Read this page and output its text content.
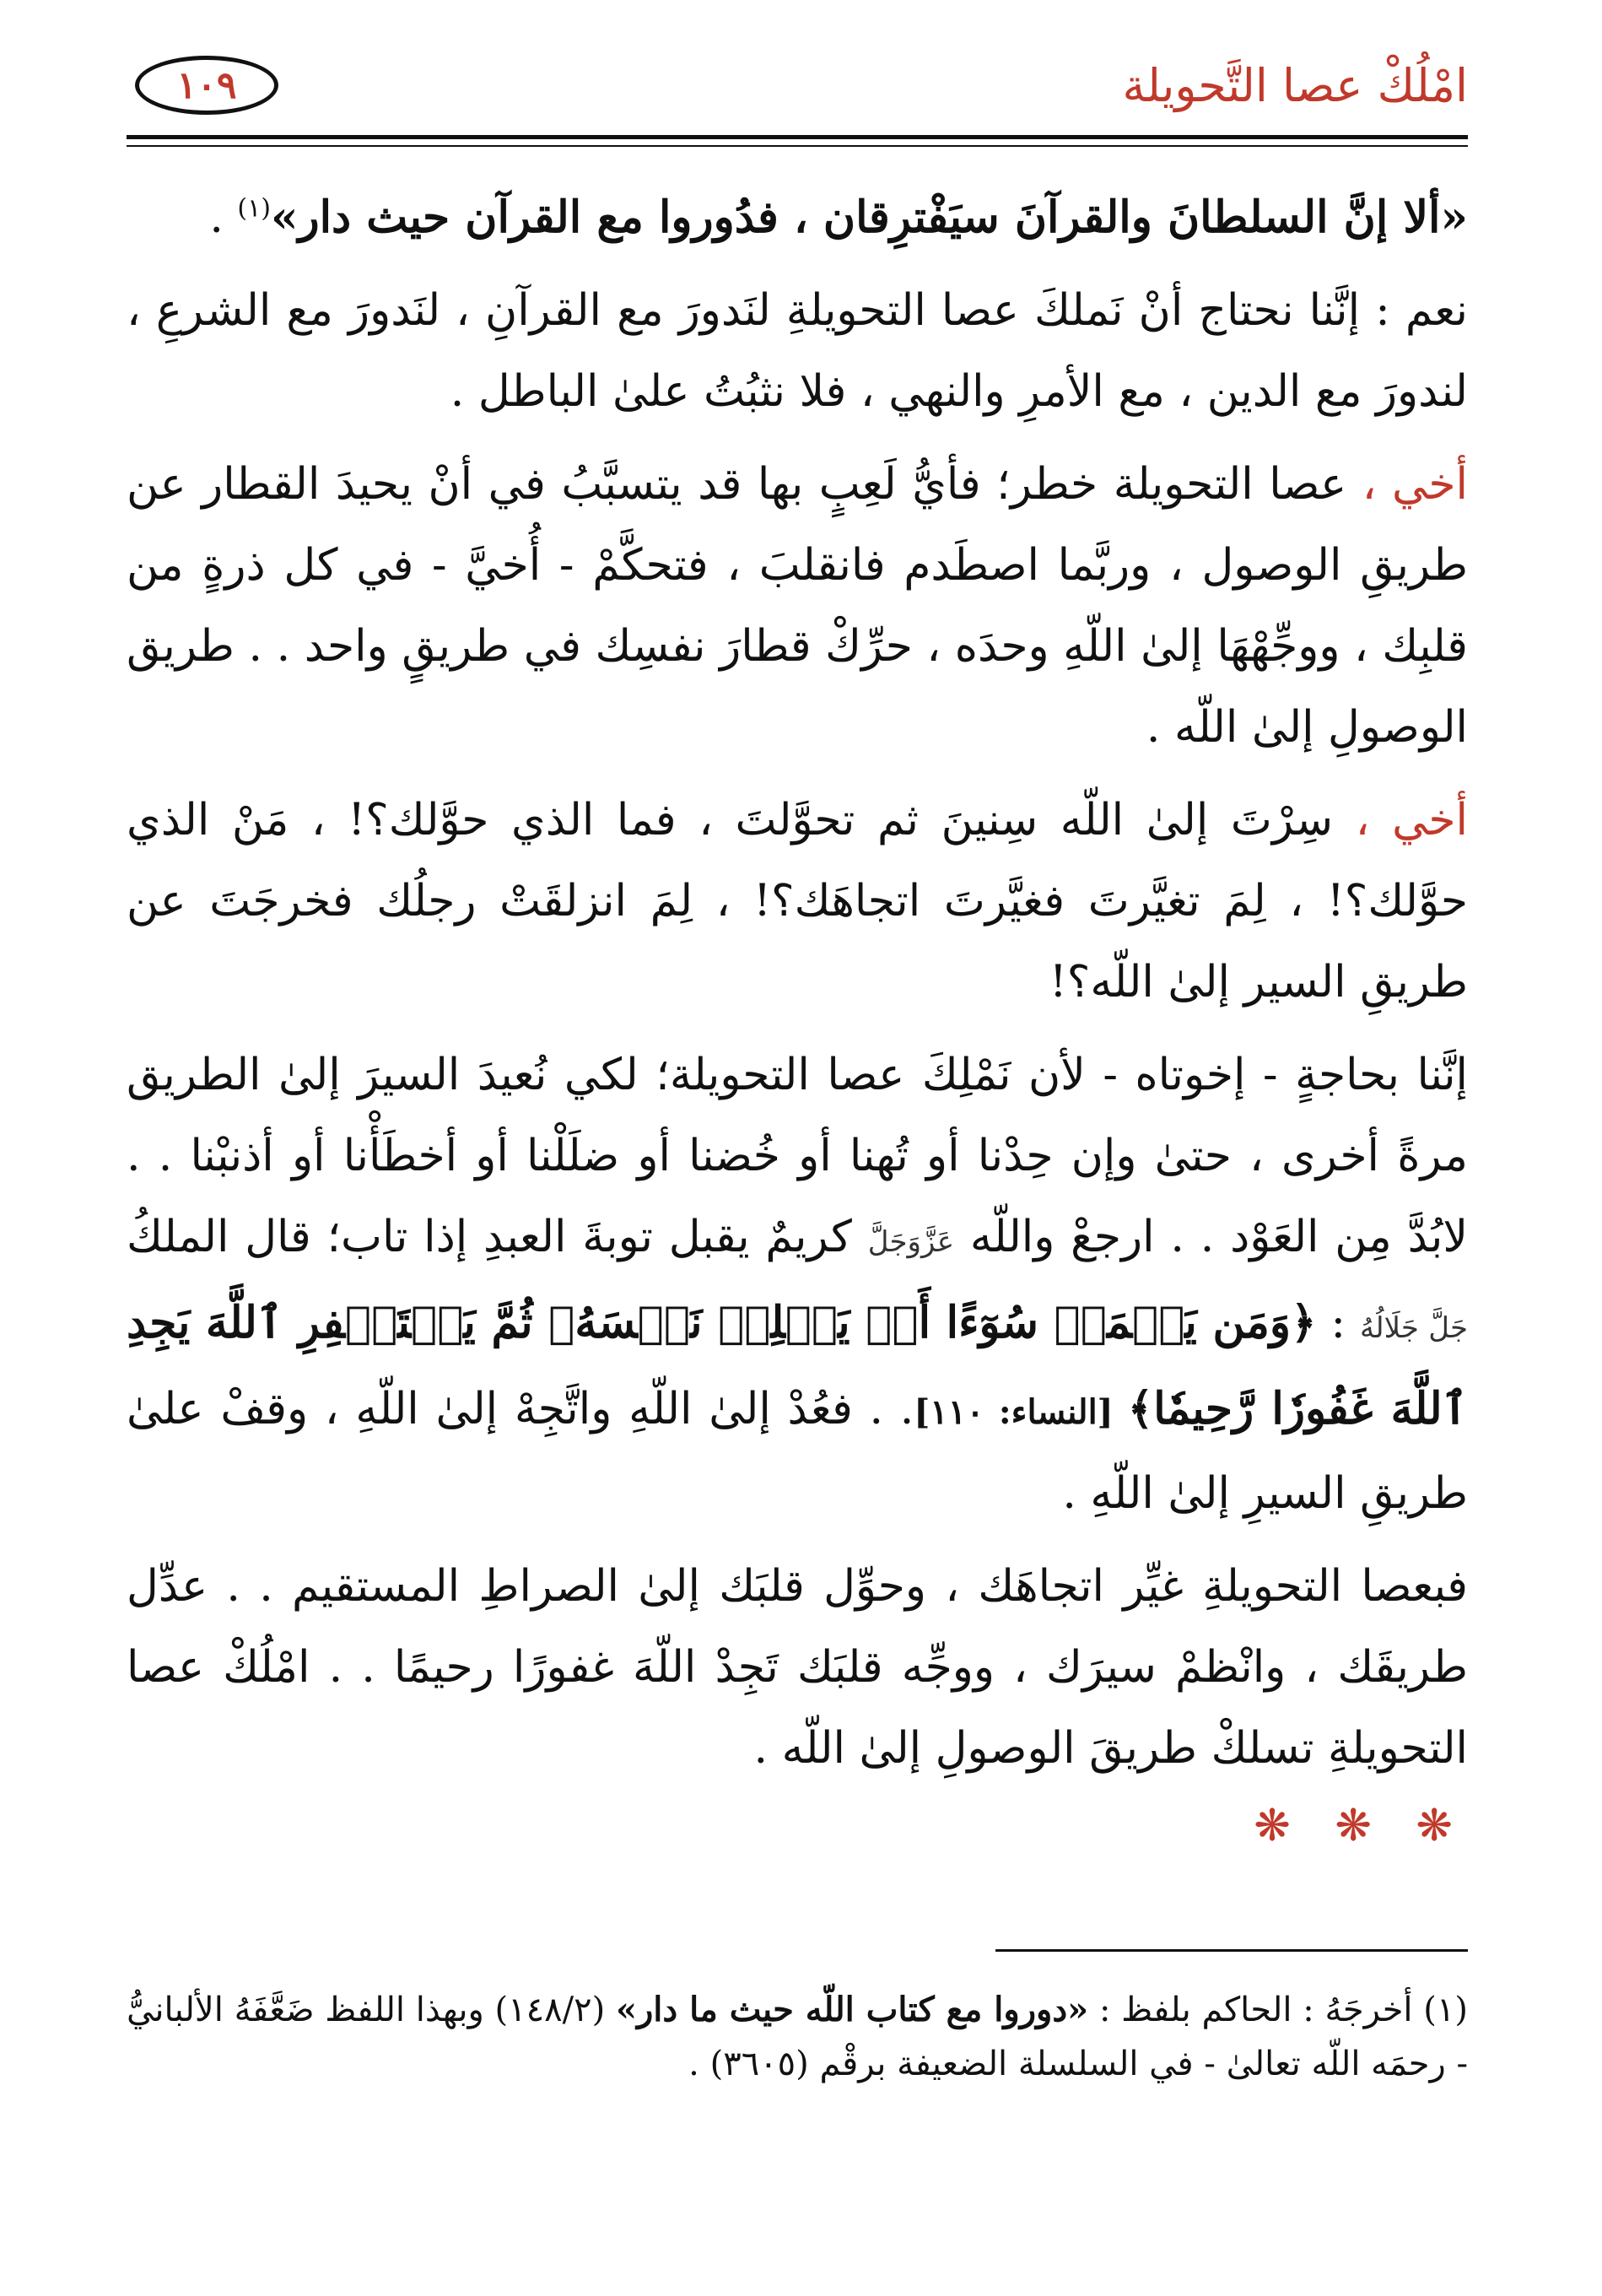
امْلُكْ عصا التَّحويلة
١٠٩

«ألا إنَّ السلطانَ والقرآنَ سيَفْترِقان ، فدُوروا مع القرآن حيث دار»$^{(١)}$ .

نعم : إنَّنا نحتاج أنْ نَملكَ عصا التحويلةِ لنَدورَ مع القرآنِ ، لنَدورَ مع الشرعِ ، لندورَ مع الدين ، مع الأمرِ والنهي ، فلا نثبُتُ علىٰ الباطل .

أخي ، عصا التحويلة خطر؛ فأيُّ لَعِبٍ بها قد يتسبَّبُ في أنْ يحيدَ القطار عن طريقِ الوصول ، وربَّما اصطَدم فانقلبَ ، فتحكَّمْ - أُخيَّ - في كل ذرةٍ من قلبِك ، ووجِّهْهَا إلىٰ اللّهِ وحدَه ، حرِّكْ قطارَ نفسِك في طريقٍ واحد . . طريق الوصولِ إلىٰ اللّه .

أخي ، سِرْتَ إلىٰ اللّه سِنينَ ثم تحوَّلتَ ، فما الذي حوَّلك؟! ، مَنْ الذي حوَّلك؟! ، لِمَ تغيَّرتَ فغيَّرتَ اتجاهَك؟! ، لِمَ انزلقَتْ رجلُك فخرجَتَ عن طريقِ السير إلىٰ اللّه؟!

إنَّنا بحاجةٍ - إخوتاه - لأن نَمْلِكَ عصا التحويلة؛ لكي نُعيدَ السيرَ إلىٰ الطريق مرةً أخرى ، حتىٰ وإن حِدْنا أو تُهنا أو خُضنا أو ضلَلْنا أو أخطَأْنا أو أذنبْنا . . لابُدَّ مِن العَوْد . . ارجعْ واللّه عَزَّوَجَلَّ كريمٌ يقبل توبةَ العبدِ إذا تاب؛ قال الملكُ جَلَّ جَلَالُهُ : ﴿وَمَن يَعۡمَلۡ سُوٓءًا أَوۡ يَظۡلِمۡ نَفۡسَهُۥ ثُمَّ يَسۡتَغۡفِرِ ٱللَّهَ يَجِدِ ٱللَّهَ غَفُورٗا رَّحِيمٗا﴾ [النساء: ١١٠]. . فعُدْ إلىٰ اللّهِ واتَّجِهْ إلىٰ اللّهِ ، وقفْ علىٰ طريقِ السيرِ إلىٰ اللّهِ .

فبعصا التحويلةِ غيِّر اتجاهَك ، وحوِّل قلبَك إلىٰ الصراطِ المستقيم . . عدِّل طريقَك ، وانْظمْ سيرَك ، ووجِّه قلبَك تَجِدْ اللّهَ غفورًا رحيمًا . . امْلُكْ عصا التحويلةِ تسلكْ طريقَ الوصولِ إلىٰ اللّه .

❋ ❋ ❋
(١) أخرجَهُ : الحاكم بلفظ : «دوروا مع كتاب اللّه حيث ما دار» (١٤٨/٢) وبهذا اللفظ ضَعَّفَهُ الألبانيُّ - رحمَه اللّه تعالىٰ - في السلسلة الضعيفة برقْم (٣٦٠٥) .
